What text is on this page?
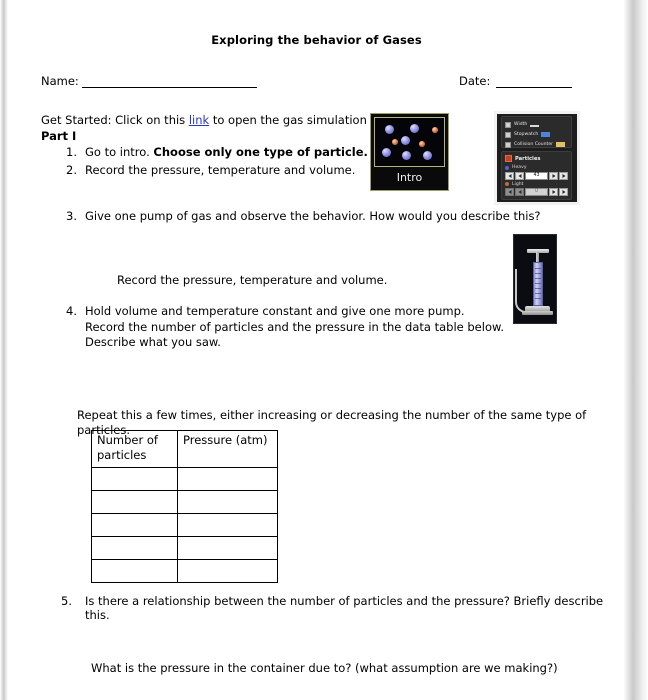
Exploring the behavior of Gases
Name:	Date:
Get Started: Click on this link to open the gas simulation
Part I
1. Go to intro. Choose only one type of particle.
2. Record the pressure, temperature and volume.
3. Give one pump of gas and observe the behavior. How would you describe this?
Record the pressure, temperature and volume.
4. Hold volume and temperature constant and give one more pump.
Record the number of particles and the pressure in the data table below.
Describe what you saw.
Repeat this a few times, either increasing or decreasing the number of the same type of particles.
Intro
Width
Stopwatch
Collision Counter
Particles
Heavy
43
Light
0
Number of
particles	Pressure (atm)

5. Is there a relationship between the number of particles and the pressure? Briefly describe this.
What is the pressure in the container due to? (what assumption are we making?)
